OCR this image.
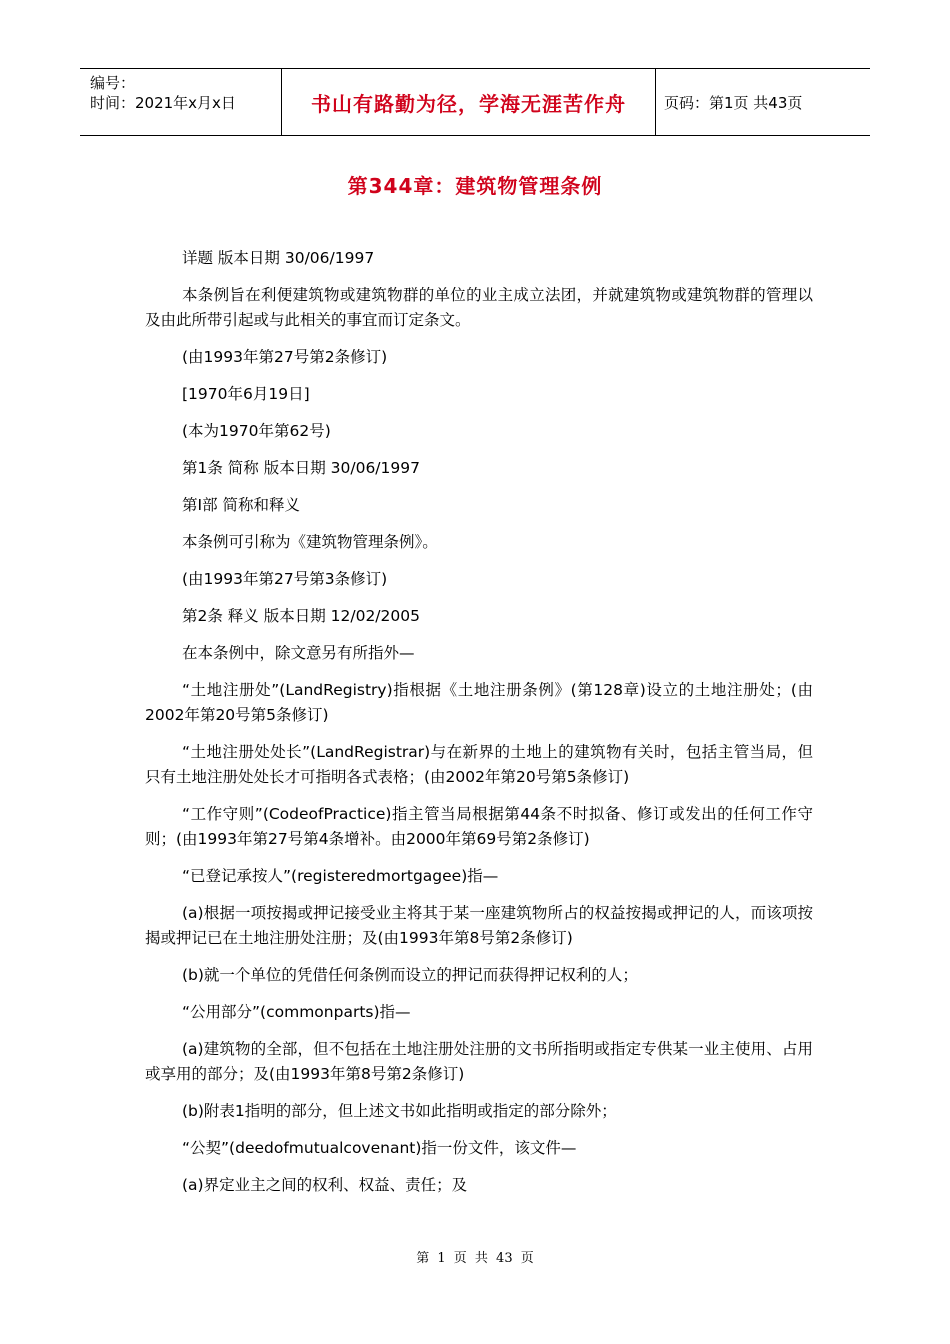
编号：
时间：2021年x月x日	书山有路勤为径，学海无涯苦作舟	页码：第1页 共43页
第344章：建筑物管理条例

详题 版本日期 30/06/1997

本条例旨在利便建筑物或建筑物群的单位的业主成立法团，并就建筑物或建筑物群的管理以及由此所带引起或与此相关的事宜而订定条文。

(由1993年第27号第2条修订)

[1970年6月19日]

(本为1970年第62号)

第1条 简称 版本日期 30/06/1997

第I部 简称和释义

本条例可引称为《建筑物管理条例》。

(由1993年第27号第3条修订)

第2条 释义 版本日期 12/02/2005

在本条例中，除文意另有所指外—

“土地注册处”(LandRegistry)指根据《土地注册条例》(第128章)设立的土地注册处；(由2002年第20号第5条修订)

“土地注册处处长”(LandRegistrar)与在新界的土地上的建筑物有关时，包括主管当局，但只有土地注册处处长才可指明各式表格；(由2002年第20号第5条修订)

“工作守则”(CodeofPractice)指主管当局根据第44条不时拟备、修订或发出的任何工作守则；(由1993年第27号第4条增补。由2000年第69号第2条修订)

“已登记承按人”(registeredmortgagee)指—

(a)根据一项按揭或押记接受业主将其于某一座建筑物所占的权益按揭或押记的人，而该项按揭或押记已在土地注册处注册；及(由1993年第8号第2条修订)

(b)就一个单位的凭借任何条例而设立的押记而获得押记权利的人；

“公用部分”(commonparts)指—

(a)建筑物的全部，但不包括在土地注册处注册的文书所指明或指定专供某一业主使用、占用或享用的部分；及(由1993年第8号第2条修订)

(b)附表1指明的部分，但上述文书如此指明或指定的部分除外；

“公契”(deedofmutualcovenant)指一份文件，该文件—

(a)界定业主之间的权利、权益、责任；及

第 1 页 共 43 页
